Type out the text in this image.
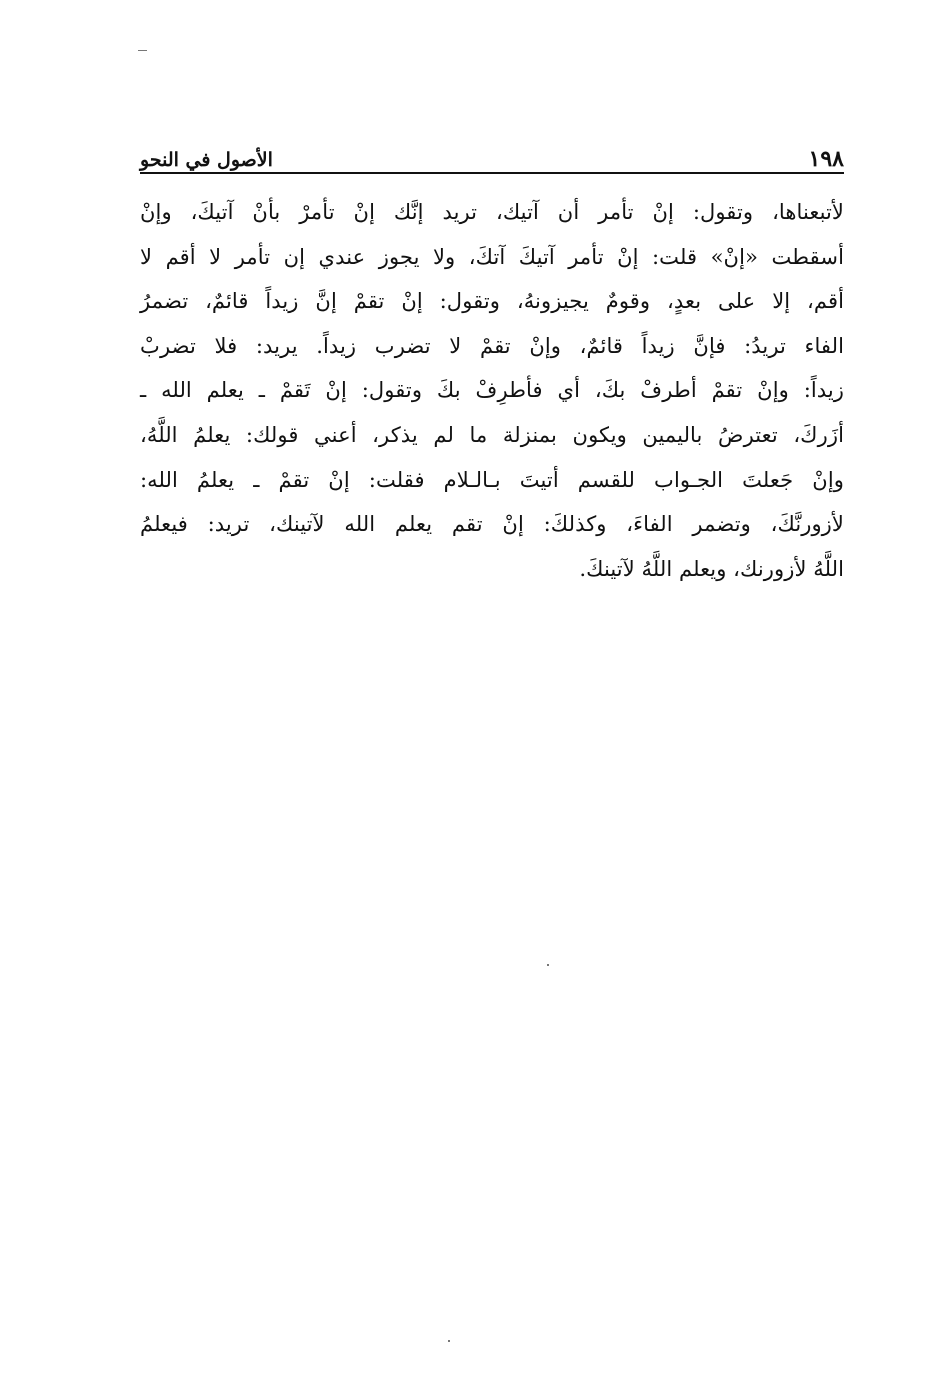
١٩٨
الأصول في النحو
لأتبعناها، وتقول: إنْ تأمر أن آتيك، تريد إنَّك إنْ تأمرْ بأنْ آتيكَ، وإنْ
أسقطت «إنْ» قلت: إنْ تأمر آتيكَ آتكَ، ولا يجوز عندي إن تأمر لا أقم لا
أقم، إلا على بعدٍ، وقومٌ يجيزونهُ، وتقول: إنْ تقمْ إنَّ زيداً قائمٌ، تضمرُ
الفاء تريدُ: فإنَّ زيداً قائمٌ، وإنْ تقمْ لا تضرب زيداً. يريد: فلا تضربْ
زيداً: وإنْ تقمْ أطرفْ بكَ، أي فأطرِفْ بكَ وتقول: إنْ تَقمْ ـ يعلم الله ـ
أزَركَ، تعترضُ باليمين ويكون بمنزلة ما لم يذكر، أعني قولك: يعلمُ اللَّهُ،
وإنْ جَعلتَ الجـواب للقسم أتيتَ بـالـلام فقلت: إنْ تقمْ ـ يعلمُ الله:
لأزورنَّكَ، وتضمر الفاءَ، وكذلكَ: إنْ تقم يعلم الله لآتينك، تريد: فيعلمُ
اللَّهُ لأزورنك، ويعلم اللَّهُ لآتينكَ.
